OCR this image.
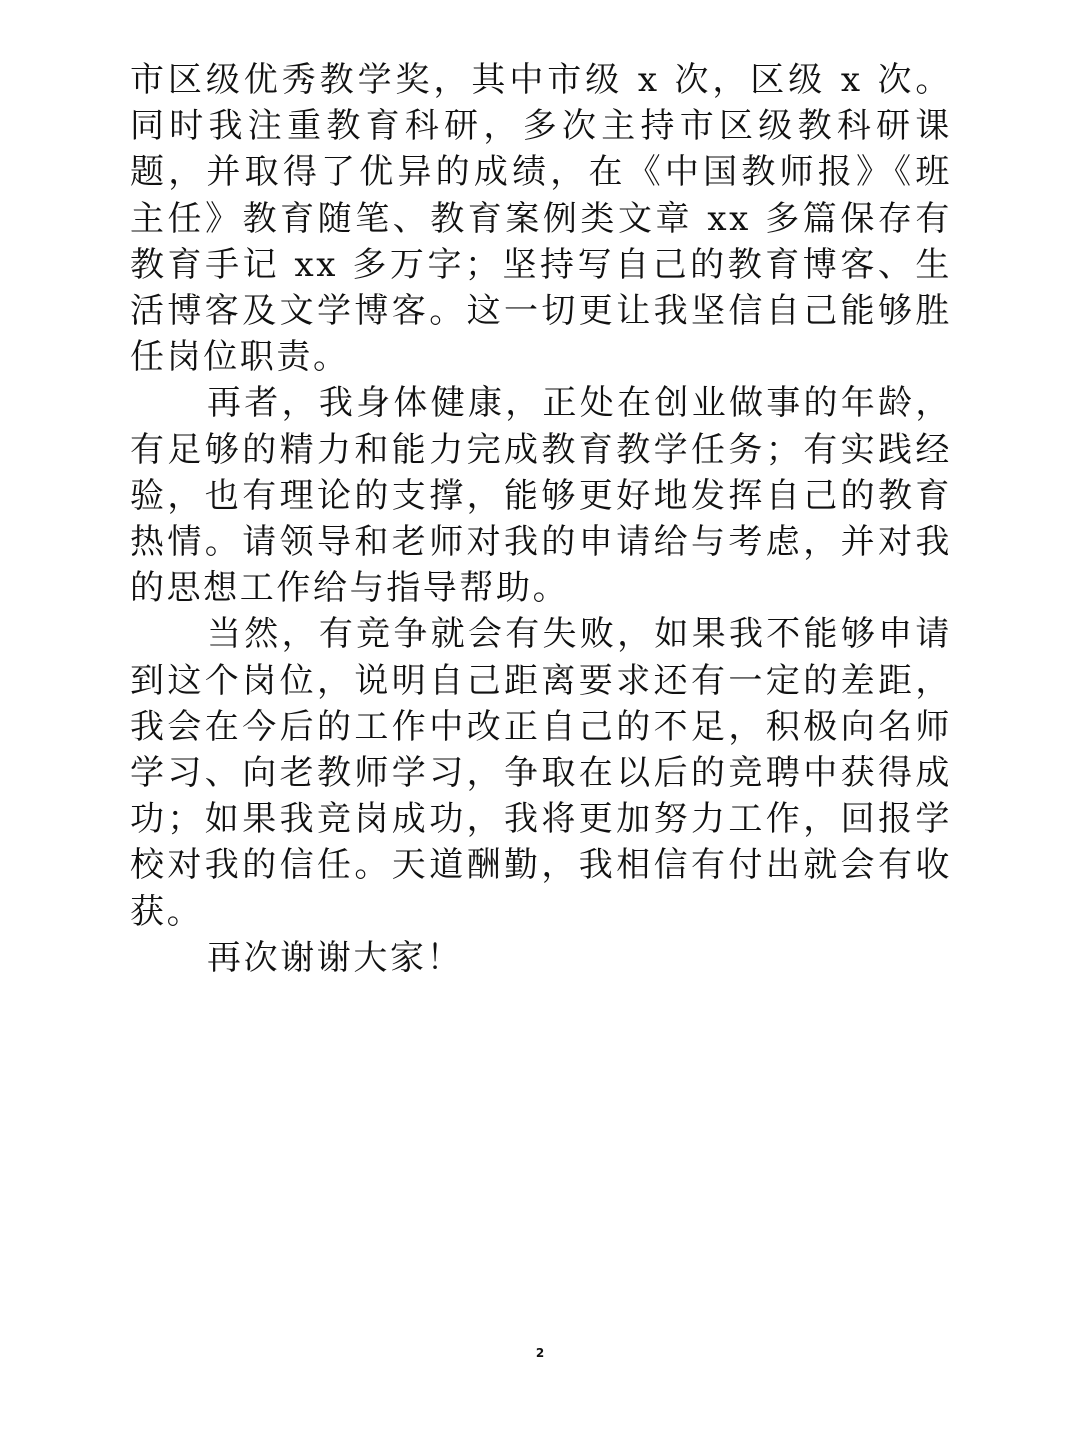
市区级优秀教学奖，其中市级 x 次，区级 x 次。同时我注重教育科研，多次主持市区级教科研课题，并取得了优异的成绩，在《中国教师报》《班主任》教育随笔、教育案例类文章 xx 多篇保存有教育手记 xx 多万字；坚持写自己的教育博客、生活博客及文学博客。这一切更让我坚信自己能够胜任岗位职责。

再者，我身体健康，正处在创业做事的年龄，有足够的精力和能力完成教育教学任务；有实践经验，也有理论的支撑，能够更好地发挥自己的教育热情。请领导和老师对我的申请给与考虑，并对我的思想工作给与指导帮助。

当然，有竞争就会有失败，如果我不能够申请到这个岗位，说明自己距离要求还有一定的差距，我会在今后的工作中改正自己的不足，积极向名师学习、向老教师学习，争取在以后的竞聘中获得成功；如果我竞岗成功，我将更加努力工作，回报学校对我的信任。天道酬勤，我相信有付出就会有收获。

再次谢谢大家！

2
